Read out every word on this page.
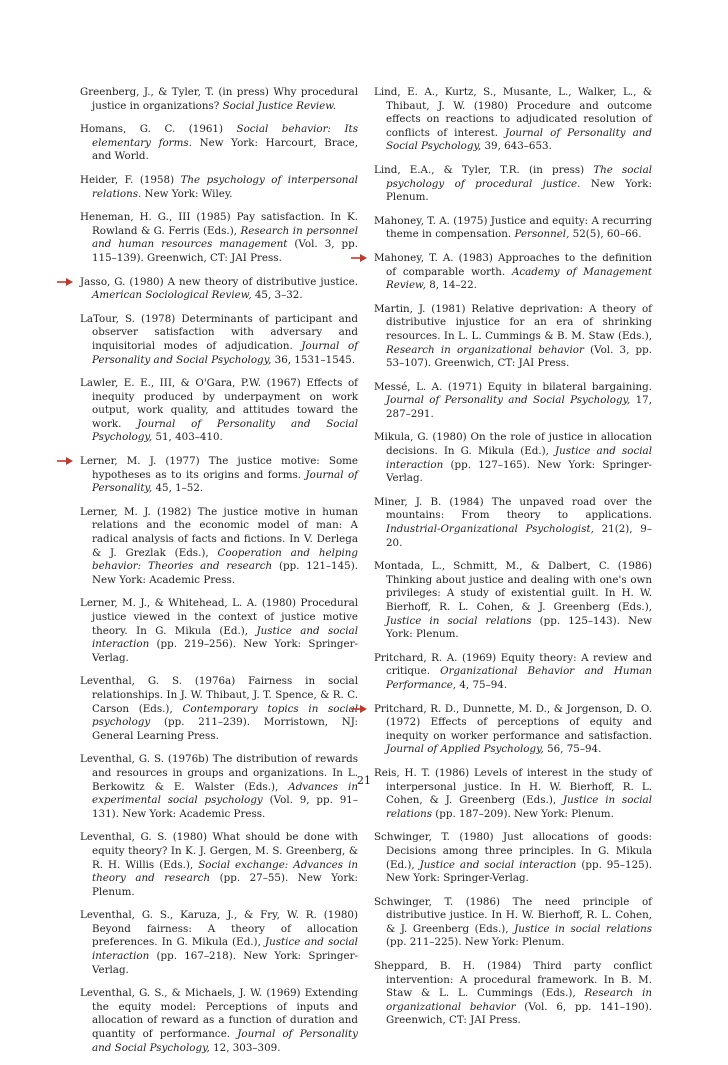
Greenberg, J., & Tyler, T. (in press) Why procedural justice in organizations? Social Justice Review.

Homans, G. C. (1961) Social behavior: Its elementary forms. New York: Harcourt, Brace, and World.

Heider, F. (1958) The psychology of interpersonal relations. New York: Wiley.

Heneman, H. G., III (1985) Pay satisfaction. In K. Rowland & G. Ferris (Eds.), Research in personnel and human resources management (Vol. 3, pp. 115–139). Greenwich, CT: JAI Press.

Jasso, G. (1980) A new theory of distributive justice. American Sociological Review, 45, 3–32.

LaTour, S. (1978) Determinants of participant and observer satisfaction with adversary and inquisitorial modes of adjudication. Journal of Personality and Social Psychology, 36, 1531–1545.

Lawler, E. E., III, & O'Gara, P.W. (1967) Effects of inequity produced by underpayment on work output, work quality, and attitudes toward the work. Journal of Personality and Social Psychology, 51, 403–410.

Lerner, M. J. (1977) The justice motive: Some hypotheses as to its origins and forms. Journal of Personality, 45, 1–52.

Lerner, M. J. (1982) The justice motive in human relations and the economic model of man: A radical analysis of facts and fictions. In V. Derlega & J. Grezlak (Eds.), Cooperation and helping behavior: Theories and research (pp. 121–145). New York: Academic Press.

Lerner, M. J., & Whitehead, L. A. (1980) Procedural justice viewed in the context of justice motive theory. In G. Mikula (Ed.), Justice and social interaction (pp. 219–256). New York: Springer-Verlag.

Leventhal, G. S. (1976a) Fairness in social relationships. In J. W. Thibaut, J. T. Spence, & R. C. Carson (Eds.), Contemporary topics in social psychology (pp. 211–239). Morristown, NJ: General Learning Press.

Leventhal, G. S. (1976b) The distribution of rewards and resources in groups and organizations. In L. Berkowitz & E. Walster (Eds.), Advances in experimental social psychology (Vol. 9, pp. 91–131). New York: Academic Press.

Leventhal, G. S. (1980) What should be done with equity theory? In K. J. Gergen, M. S. Greenberg, & R. H. Willis (Eds.), Social exchange: Advances in theory and research (pp. 27–55). New York: Plenum.

Leventhal, G. S., Karuza, J., & Fry, W. R. (1980) Beyond fairness: A theory of allocation preferences. In G. Mikula (Ed.), Justice and social interaction (pp. 167–218). New York: Springer-Verlag.

Leventhal, G. S., & Michaels, J. W. (1969) Extending the equity model: Perceptions of inputs and allocation of reward as a function of duration and quantity of performance. Journal of Personality and Social Psychology, 12, 303–309.

Lind, E. A., Kurtz, S., Musante, L., Walker, L., & Thibaut, J. W. (1980) Procedure and outcome effects on reactions to adjudicated resolution of conflicts of interest. Journal of Personality and Social Psychology, 39, 643–653.

Lind, E.A., & Tyler, T.R. (in press) The social psychology of procedural justice. New York: Plenum.

Mahoney, T. A. (1975) Justice and equity: A recurring theme in compensation. Personnel, 52(5), 60–66.

Mahoney, T. A. (1983) Approaches to the definition of comparable worth. Academy of Management Review, 8, 14–22.

Martin, J. (1981) Relative deprivation: A theory of distributive injustice for an era of shrinking resources. In L. L. Cummings & B. M. Staw (Eds.), Research in organizational behavior (Vol. 3, pp. 53–107). Greenwich, CT: JAI Press.

Messé, L. A. (1971) Equity in bilateral bargaining. Journal of Personality and Social Psychology, 17, 287–291.

Mikula, G. (1980) On the role of justice in allocation decisions. In G. Mikula (Ed.), Justice and social interaction (pp. 127–165). New York: Springer-Verlag.

Miner, J. B. (1984) The unpaved road over the mountains: From theory to applications. Industrial-Organizational Psychologist, 21(2), 9–20.

Montada, L., Schmitt, M., & Dalbert, C. (1986) Thinking about justice and dealing with one's own privileges: A study of existential guilt. In H. W. Bierhoff, R. L. Cohen, & J. Greenberg (Eds.), Justice in social relations (pp. 125–143). New York: Plenum.

Pritchard, R. A. (1969) Equity theory: A review and critique. Organizational Behavior and Human Performance, 4, 75–94.

Pritchard, R. D., Dunnette, M. D., & Jorgenson, D. O. (1972) Effects of perceptions of equity and inequity on worker performance and satisfaction. Journal of Applied Psychology, 56, 75–94.

Reis, H. T. (1986) Levels of interest in the study of interpersonal justice. In H. W. Bierhoff, R. L. Cohen, & J. Greenberg (Eds.), Justice in social relations (pp. 187–209). New York: Plenum.

Schwinger, T. (1980) Just allocations of goods: Decisions among three principles. In G. Mikula (Ed.), Justice and social interaction (pp. 95–125). New York: Springer-Verlag.

Schwinger, T. (1986) The need principle of distributive justice. In H. W. Bierhoff, R. L. Cohen, & J. Greenberg (Eds.), Justice in social relations (pp. 211–225). New York: Plenum.

Sheppard, B. H. (1984) Third party conflict intervention: A procedural framework. In B. M. Staw & L. L. Cummings (Eds.), Research in organizational behavior (Vol. 6, pp. 141–190). Greenwich, CT: JAI Press.

21
